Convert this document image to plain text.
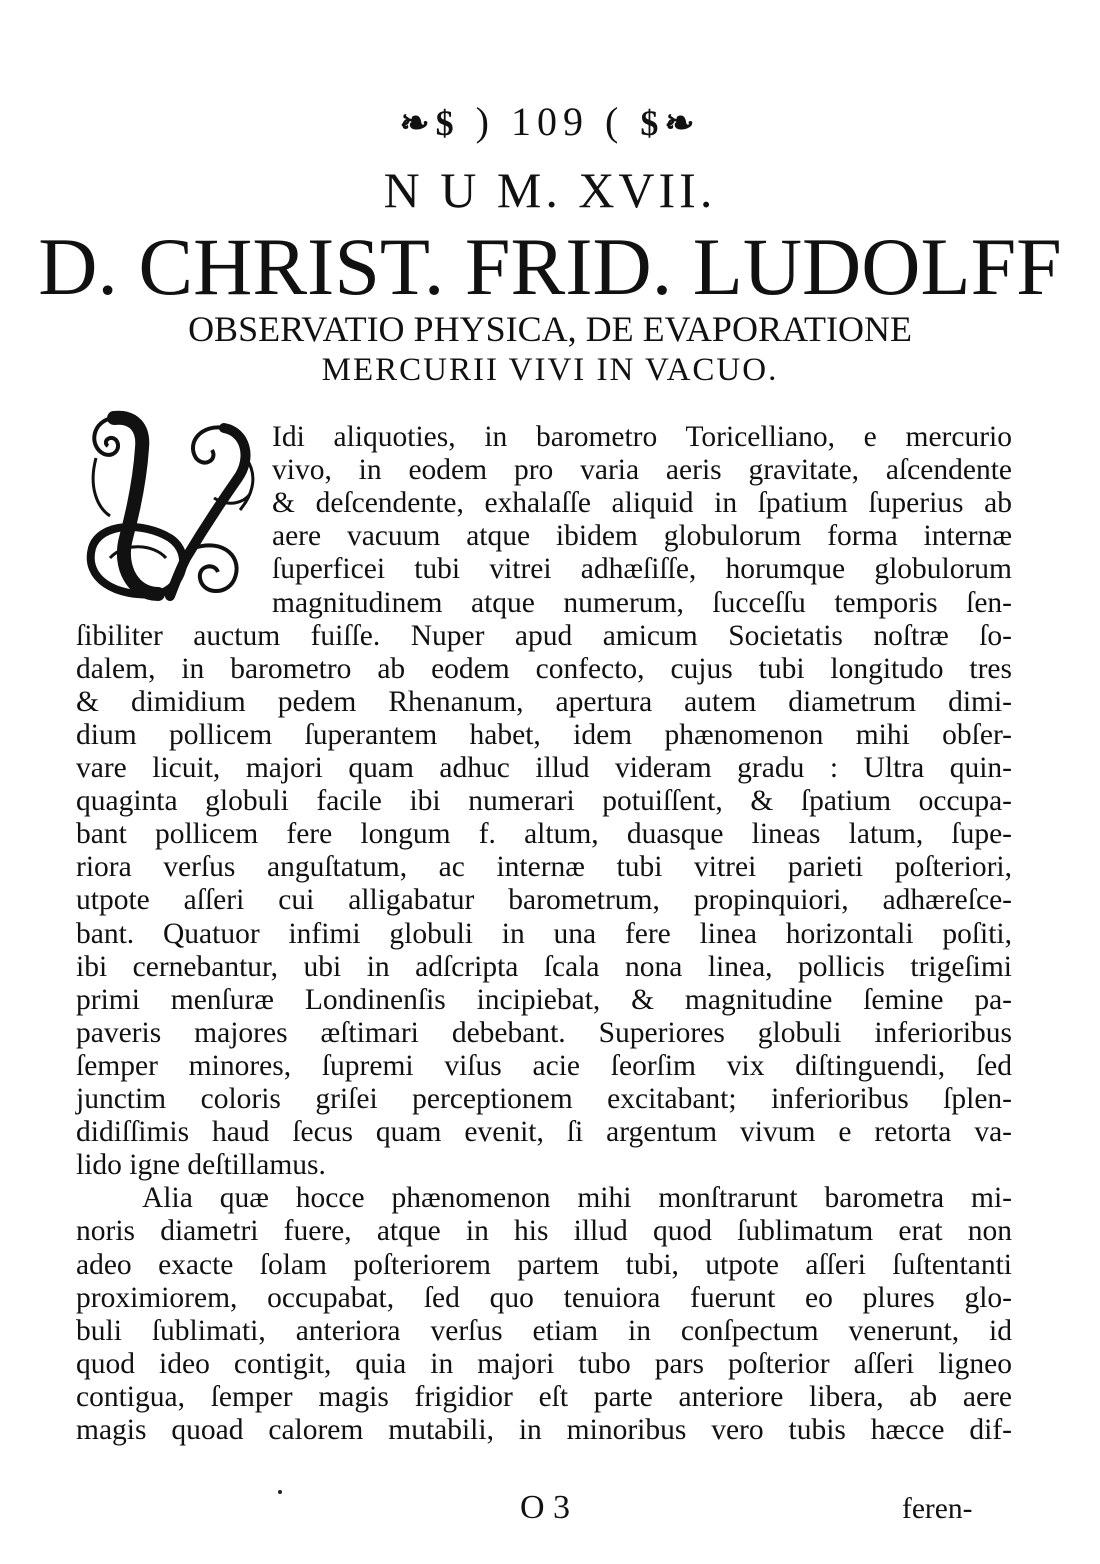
❧$ ) 109 ( $❧
N U M. XVII.
D. CHRIST. FRID. LUDOLFF
OBSERVATIO PHYSICA, DE EVAPORATIONE
MERCURII VIVI IN VACUO.
Idi aliquoties, in barometro Toricelliano, e mercurio
vivo, in eodem pro varia aeris gravitate, aſcendente
& deſcendente, exhalaſſe aliquid in ſpatium ſuperius ab
aere vacuum atque ibidem globulorum forma internæ
ſuperficei tubi vitrei adhæſiſſe, horumque globulorum
magnitudinem atque numerum, ſucceſſu temporis ſen-
ſibiliter auctum fuiſſe. Nuper apud amicum Societatis noſtræ ſo-
dalem, in barometro ab eodem confecto, cujus tubi longitudo tres
& dimidium pedem Rhenanum, apertura autem diametrum dimi-
dium pollicem ſuperantem habet, idem phænomenon mihi obſer-
vare licuit, majori quam adhuc illud videram gradu : Ultra quin-
quaginta globuli facile ibi numerari potuiſſent, & ſpatium occupa-
bant pollicem fere longum f. altum, duasque lineas latum, ſupe-
riora verſus anguſtatum, ac internæ tubi vitrei parieti poſteriori,
utpote aſſeri cui alligabatur barometrum, propinquiori, adhæreſce-
bant. Quatuor infimi globuli in una fere linea horizontali poſiti,
ibi cernebantur, ubi in adſcripta ſcala nona linea, pollicis trigeſimi
primi menſuræ Londinenſis incipiebat, & magnitudine ſemine pa-
paveris majores æſtimari debebant. Superiores globuli inferioribus
ſemper minores, ſupremi viſus acie ſeorſim vix diſtinguendi, ſed
junctim coloris griſei perceptionem excitabant; inferioribus ſplen-
didiſſimis haud ſecus quam evenit, ſi argentum vivum e retorta va-
lido igne deſtillamus.
Alia quæ hocce phænomenon mihi monſtrarunt barometra mi-
noris diametri fuere, atque in his illud quod ſublimatum erat non
adeo exacte ſolam poſteriorem partem tubi, utpote aſſeri ſuſtentanti
proximiorem, occupabat, ſed quo tenuiora fuerunt eo plures glo-
buli ſublimati, anteriora verſus etiam in conſpectum venerunt, id
quod ideo contigit, quia in majori tubo pars poſterior aſſeri ligneo
contigua, ſemper magis frigidior eſt parte anteriore libera, ab aere
magis quoad calorem mutabili, in minoribus vero tubis hæcce dif-
O 3	feren-
